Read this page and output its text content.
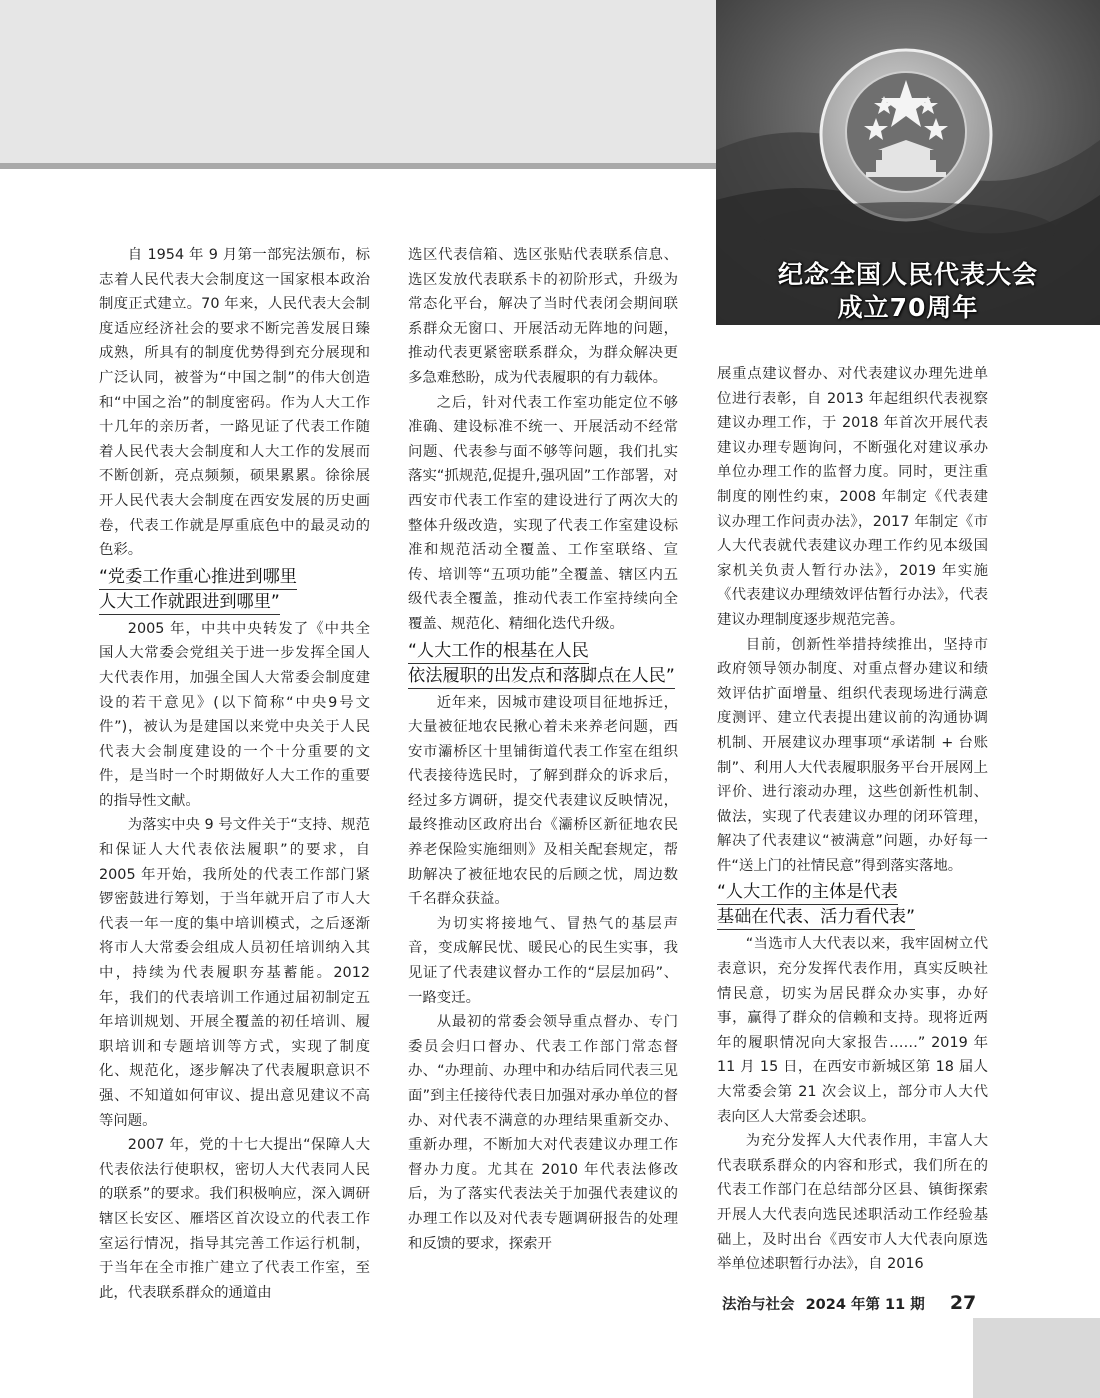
纪念全国人民代表大会
成立70周年

自 1954 年 9 月第一部宪法颁布，标志着人民代表大会制度这一国家根本政治制度正式建立。70 年来，人民代表大会制度适应经济社会的要求不断完善发展日臻成熟，所具有的制度优势得到充分展现和广泛认同，被誉为“中国之制”的伟大创造和“中国之治”的制度密码。作为人大工作十几年的亲历者，一路见证了代表工作随着人民代表大会制度和人大工作的发展而不断创新，亮点频频，硕果累累。徐徐展开人民代表大会制度在西安发展的历史画卷，代表工作就是厚重底色中的最灵动的色彩。

“党委工作重心推进到哪里
人大工作就跟进到哪里”

2005 年，中共中央转发了《中共全国人大常委会党组关于进一步发挥全国人大代表作用，加强全国人大常委会制度建设的若干意见》(以下简称“中央9号文件”)，被认为是建国以来党中央关于人民代表大会制度建设的一个十分重要的文件，是当时一个时期做好人大工作的重要的指导性文献。

为落实中央 9 号文件关于“支持、规范和保证人大代表依法履职”的要求，自 2005 年开始，我所处的代表工作部门紧锣密鼓进行筹划，于当年就开启了市人大代表一年一度的集中培训模式，之后逐渐将市人大常委会组成人员初任培训纳入其中，持续为代表履职夯基蓄能。2012 年，我们的代表培训工作通过届初制定五年培训规划、开展全覆盖的初任培训、履职培训和专题培训等方式，实现了制度化、规范化，逐步解决了代表履职意识不强、不知道如何审议、提出意见建议不高等问题。

2007 年，党的十七大提出“保障人大代表依法行使职权，密切人大代表同人民的联系”的要求。我们积极响应，深入调研辖区长安区、雁塔区首次设立的代表工作室运行情况，指导其完善工作运行机制，于当年在全市推广建立了代表工作室，至此，代表联系群众的通道由

选区代表信箱、选区张贴代表联系信息、选区发放代表联系卡的初阶形式，升级为常态化平台，解决了当时代表闭会期间联系群众无窗口、开展活动无阵地的问题，推动代表更紧密联系群众，为群众解决更多急难愁盼，成为代表履职的有力载体。

之后，针对代表工作室功能定位不够准确、建设标准不统一、开展活动不经常问题、代表参与面不够等问题，我们扎实落实“抓规范,促提升,强巩固”工作部署，对西安市代表工作室的建设进行了两次大的整体升级改造，实现了代表工作室建设标准和规范活动全覆盖、工作室联络、宣传、培训等“五项功能”全覆盖、辖区内五级代表全覆盖，推动代表工作室持续向全覆盖、规范化、精细化迭代升级。

“人大工作的根基在人民
依法履职的出发点和落脚点在人民”

近年来，因城市建设项目征地拆迁，大量被征地农民揪心着未来养老问题，西安市灞桥区十里铺街道代表工作室在组织代表接待选民时，了解到群众的诉求后，经过多方调研，提交代表建议反映情况，最终推动区政府出台《灞桥区新征地农民养老保险实施细则》及相关配套规定，帮助解决了被征地农民的后顾之忧，周边数千名群众获益。

为切实将接地气、冒热气的基层声音，变成解民忧、暖民心的民生实事，我见证了代表建议督办工作的“层层加码”、一路变迁。

从最初的常委会领导重点督办、专门委员会归口督办、代表工作部门常态督办、“办理前、办理中和办结后同代表三见面”到主任接待代表日加强对承办单位的督办、对代表不满意的办理结果重新交办、重新办理，不断加大对代表建议办理工作督办力度。尤其在 2010 年代表法修改后，为了落实代表法关于加强代表建议的办理工作以及对代表专题调研报告的处理和反馈的要求，探索开

展重点建议督办、对代表建议办理先进单位进行表彰，自 2013 年起组织代表视察建议办理工作，于 2018 年首次开展代表建议办理专题询问，不断强化对建议承办单位办理工作的监督力度。同时，更注重制度的刚性约束，2008 年制定《代表建议办理工作问责办法》，2017 年制定《市人大代表就代表建议办理工作约见本级国家机关负责人暂行办法》，2019 年实施《代表建议办理绩效评估暂行办法》，代表建议办理制度逐步规范完善。

目前，创新性举措持续推出，坚持市政府领导领办制度、对重点督办建议和绩效评估扩面增量、组织代表现场进行满意度测评、建立代表提出建议前的沟通协调机制、开展建议办理事项“承诺制 + 台账制”、利用人大代表履职服务平台开展网上评价、进行滚动办理，这些创新性机制、做法，实现了代表建议办理的闭环管理，解决了代表建议“被满意”问题，办好每一件“送上门的社情民意”得到落实落地。

“人大工作的主体是代表
基础在代表、活力看代表”

“当选市人大代表以来，我牢固树立代表意识，充分发挥代表作用，真实反映社情民意，切实为居民群众办实事，办好事，赢得了群众的信赖和支持。现将近两年的履职情况向大家报告……” 2019 年 11 月 15 日，在西安市新城区第 18 届人大常委会第 21 次会议上，部分市人大代表向区人大常委会述职。

为充分发挥人大代表作用，丰富人大代表联系群众的内容和形式，我们所在的代表工作部门在总结部分区县、镇街探索开展人大代表向选民述职活动工作经验基础上，及时出台《西安市人大代表向原选举单位述职暂行办法》，自 2016

法治与社会 2024 年第 11 期 27
